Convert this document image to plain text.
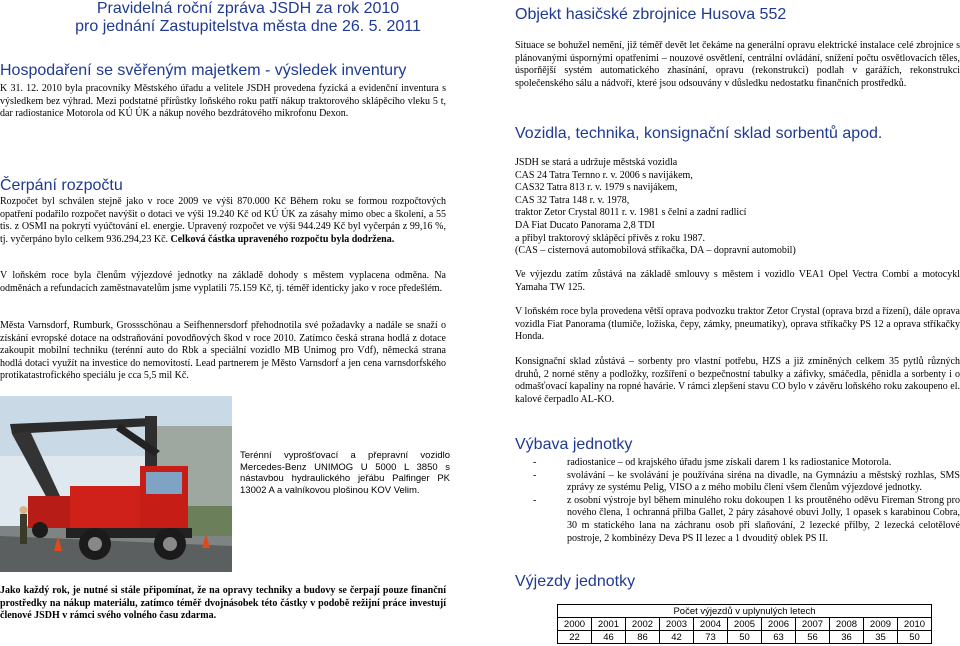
Pravidelná roční zpráva JSDH za rok 2010
pro jednání Zastupitelstva města dne 26. 5. 2011
Hospodaření se svěřeným majetkem - výsledek inventury

K 31. 12. 2010 byla pracovníky Městského úřadu a velitele JSDH provedena fyzická a evidenční inventura s výsledkem bez výhrad. Mezi podstatné přírůstky loňského roku patří nákup traktorového sklápěcího vleku 5 t, dar radiostanice Motorola od KÚ ÚK a nákup nového bezdrátového mikrofonu Dexon.

Čerpání rozpočtu

Rozpočet byl schválen stejně jako v roce 2009 ve výši 870.000 Kč Během roku se formou rozpočtových opatření podařilo rozpočet navýšit o dotaci ve výši 19.240 Kč od KÚ ÚK za zásahy mimo obec a školení, a 55 tis. z OSMI na pokrytí vyúčtování el. energie. Upravený rozpočet ve výši 944.249 Kč byl vyčerpán z 99,16 %, tj. vyčerpáno bylo celkem 936.294,23 Kč. Celková částka upraveného rozpočtu byla dodržena.

V loňském roce byla členům výjezdové jednotky na základě dohody s městem vyplacena odměna. Na odměnách a refundacích zaměstnavatelům jsme vyplatili 75.159 Kč, tj. téměř identicky jako v roce předešlém.

Města Varnsdorf, Rumburk, Grossschönau a Seifhennersdorf přehodnotila své požadavky a nadále se snaží o získání evropské dotace na odstraňování povodňových škod v roce 2010. Zatímco česká strana hodlá z dotace zakoupit mobilní techniku (terénní auto do Rbk a speciální vozidlo MB Unimog pro Vdf), německá strana hodlá dotaci využít na investice do nemovitostí. Lead partnerem je Město Varnsdorf a jen cena varnsdorfského protikatastrofického speciálu je cca 5,5 mil Kč.

Terénní vyprošťovací a přepravní vozidlo Mercedes-Benz UNIMOG U 5000 L 3850 s nástavbou hydraulického jeřábu Palfinger PK 13002 A a valníkovou plošinou KOV Velim.

Jako každý rok, je nutné si stále připomínat, že na opravy techniky a budovy se čerpají pouze finanční prostředky na nákup materiálu, zatímco téměř dvojnásobek této částky v podobě režijní práce investují členové JSDH v rámci svého volného času zdarma.

Objekt hasičské zbrojnice Husova 552

Situace se bohužel nemění, již téměř devět let čekáme na generální opravu elektrické instalace celé zbrojnice s plánovanými úspornými opatřeními – nouzové osvětlení, centrální ovládání, snížení počtu osvětlovacích těles, úsporňější systém automatického zhasínání, opravu (rekonstrukci) podlah v garážích, rekonstrukci společenského sálu a nádvoří, které jsou odsouvány v důsledku nedostatku finančních prostředků.

Vozidla, technika, konsignační sklad sorbentů apod.
JSDH se stará a udržuje městská vozidla
CAS 24 Tatra Ternno r. v. 2006 s navijákem,
CAS32 Tatra 813 r. v. 1979 s navijákem,
CAS 32 Tatra 148 r. v. 1978,
traktor Zetor Crystal 8011 r. v. 1981 s čelní a zadní radlicí
DA Fiat Ducato Panorama 2,8 TDI
a přibyl traktorový sklápěcí přívěs z roku 1987.
(CAS – cisternová automobilová stříkačka, DA – dopravní automobil)

Ve výjezdu zatím zůstává na základě smlouvy s městem i vozidlo VEA1 Opel Vectra Combi a motocykl Yamaha TW 125.

V loňském roce byla provedena větší oprava podvozku traktor Zetor Crystal (oprava brzd a řízení), dále oprava vozidla Fiat Panorama (tlumiče, ložiska, čepy, zámky, pneumatiky), oprava stříkačky PS 12 a oprava stříkačky Honda.

Konsignační sklad zůstává – sorbenty pro vlastní potřebu, HZS a již zmíněných celkem 35 pytlů různých druhů, 2 norné stěny a podložky, rozšíření o bezpečnostní tabulky a záfivky, smáčedla, pěnidla a sorbenty i o odmašťovací kapaliny na ropné havárie. V rámci zlepšení stavu CO bylo v závěru loňského roku zakoupeno el. kalové čerpadlo AL-KO.

Výbava jednotky
-	radiostanice – od krajského úřadu jsme získali darem 1 ks radiostanice Motorola.
-	svolávání – ke svolávání je používána siréna na divadle, na Gymnáziu a městský rozhlas, SMS zprávy ze systému Pelig, VISO a z mého mobilu člení všem členům výjezdové jednotky.
-	z osobní výstroje byl během minulého roku dokoupen 1 ks proutěného oděvu Fireman Strong pro nového člena, 1 ochranná přilba Gallet, 2 páry zásahové obuvi Jolly, 1 opasek s karabinou Cobra, 30 m statického lana na záchranu osob při slaňování, 2 lezecké přilby, 2 lezecká celotělové postroje, 2 kombinézy Deva PS II lezec a 1 dvouditý oblek PS II.
Výjezdy jednotky
Počet výjezdů v uplynulých letech										
2000	2001	2002	2003	2004	2005	2006	2007	2008	2009	2010
22	46	86	42	73	50	63	56	36	35	50
